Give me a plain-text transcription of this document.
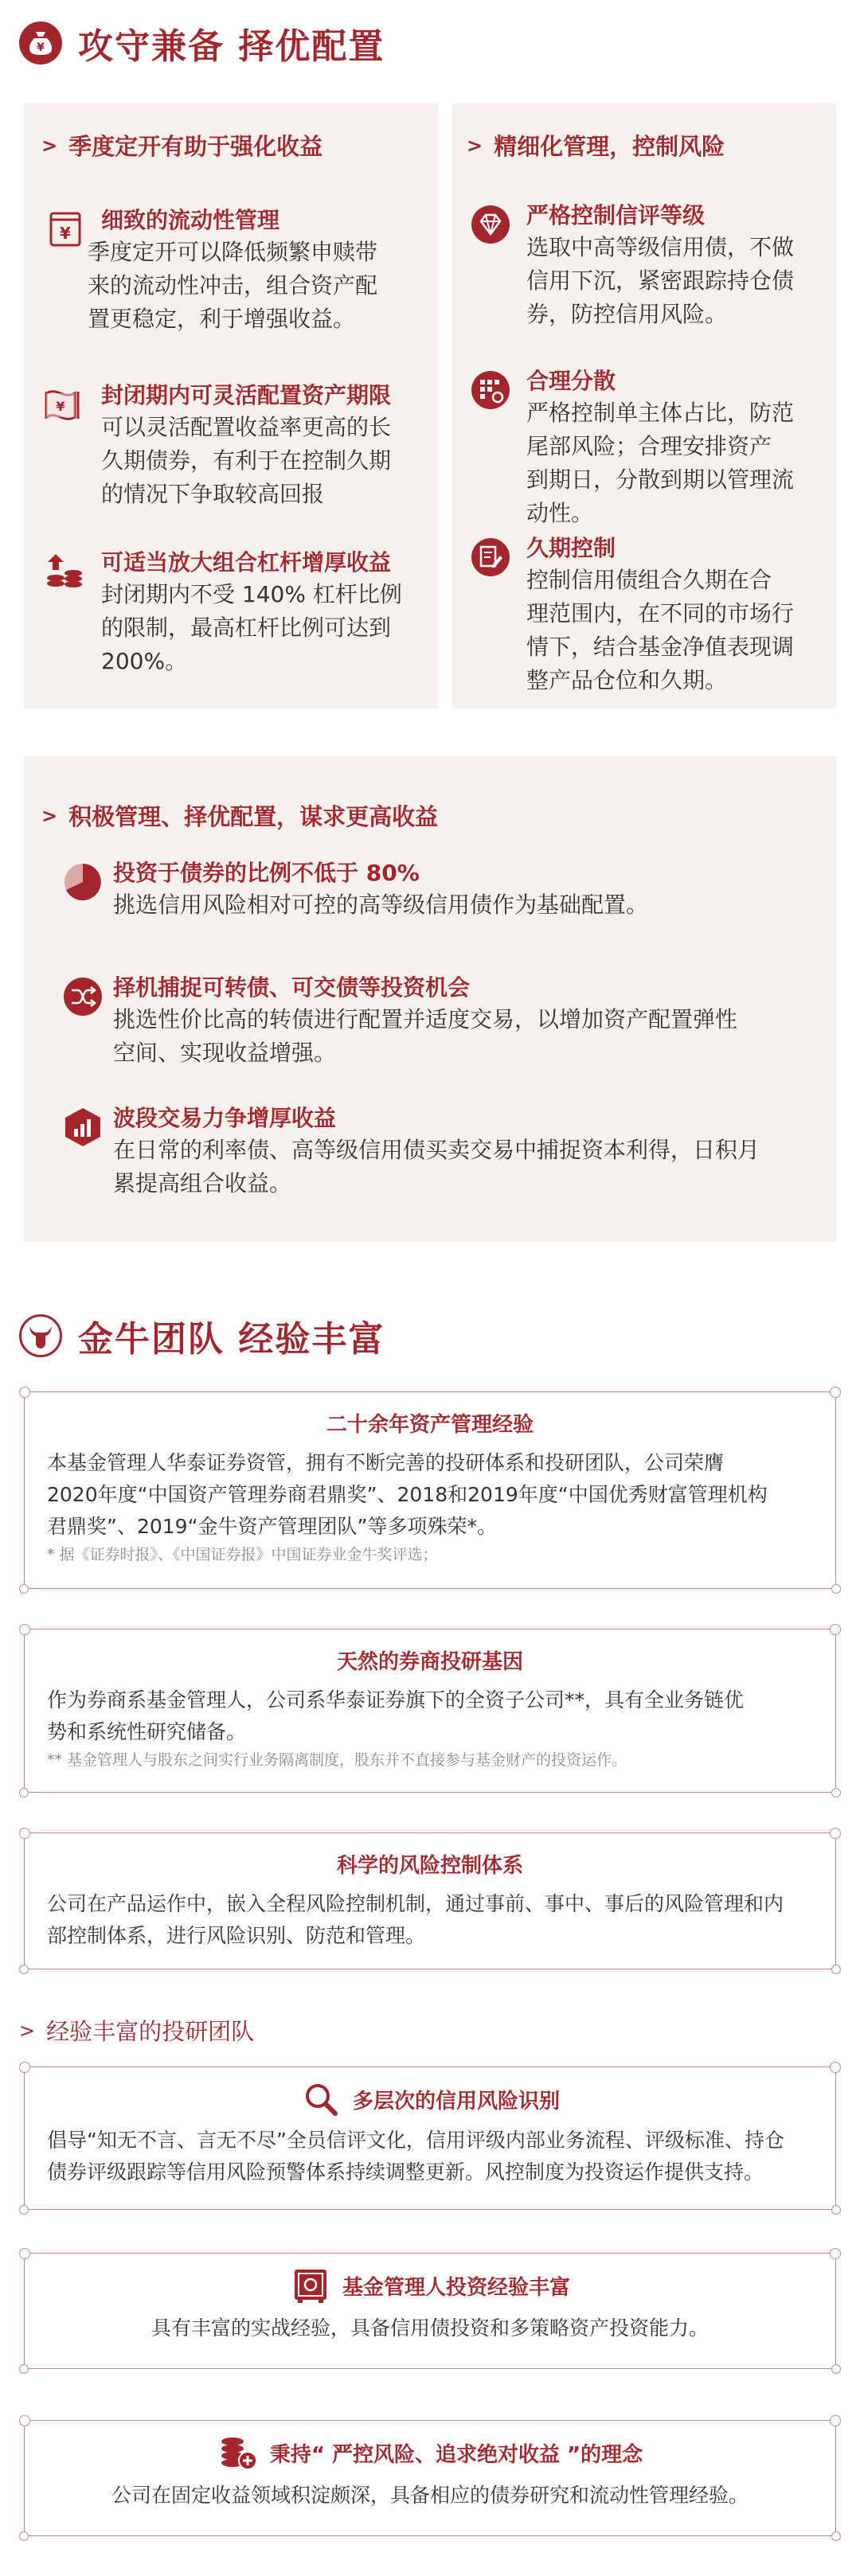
¥ 攻守兼备 择优配置
> 季度定开有助于强化收益
¥ 细致的流动性管理
季度定开可以降低频繁申赎带
来的流动性冲击，组合资产配
置更稳定，利于增强收益。
¥ 封闭期内可灵活配置资产期限
可以灵活配置收益率更高的长
久期债券，有利于在控制久期
的情况下争取较高回报
可适当放大组合杠杆增厚收益
封闭期内不受 140% 杠杆比例
的限制，最高杠杆比例可达到
200%。
> 精细化管理，控制风险
严格控制信评等级
选取中高等级信用债，不做
信用下沉，紧密跟踪持仓债
券，防控信用风险。
合理分散
严格控制单主体占比，防范
尾部风险；合理安排资产
到期日，分散到期以管理流
动性。
久期控制
控制信用债组合久期在合
理范围内，在不同的市场行
情下，结合基金净值表现调
整产品仓位和久期。
> 积极管理、择优配置，谋求更高收益
投资于债券的比例不低于 80%
挑选信用风险相对可控的高等级信用债作为基础配置。
择机捕捉可转债、可交债等投资机会
挑选性价比高的转债进行配置并适度交易，以增加资产配置弹性
空间、实现收益增强。
波段交易力争增厚收益
在日常的利率债、高等级信用债买卖交易中捕捉资本利得，日积月
累提高组合收益。
金牛团队 经验丰富
二十余年资产管理经验
本基金管理人华泰证券资管，拥有不断完善的投研体系和投研团队，公司荣膺
2020年度“中国资产管理券商君鼎奖”、2018和2019年度“中国优秀财富管理机构
君鼎奖”、2019“金牛资产管理团队”等多项殊荣*。
* 据《证券时报》、《中国证券报》中国证券业金牛奖评选；
天然的券商投研基因
作为券商系基金管理人，公司系华泰证券旗下的全资子公司**，具有全业务链优
势和系统性研究储备。
** 基金管理人与股东之间实行业务隔离制度，股东并不直接参与基金财产的投资运作。
科学的风险控制体系
公司在产品运作中，嵌入全程风险控制机制，通过事前、事中、事后的风险管理和内
部控制体系，进行风险识别、防范和管理。
> 经验丰富的投研团队
多层次的信用风险识别
倡导“知无不言、言无不尽”全员信评文化，信用评级内部业务流程、评级标准、持仓
债券评级跟踪等信用风险预警体系持续调整更新。风控制度为投资运作提供支持。
基金管理人投资经验丰富
具有丰富的实战经验，具备信用债投资和多策略资产投资能力。
秉持“ 严控风险、追求绝对收益 ”的理念
公司在固定收益领域积淀颇深，具备相应的债券研究和流动性管理经验。
